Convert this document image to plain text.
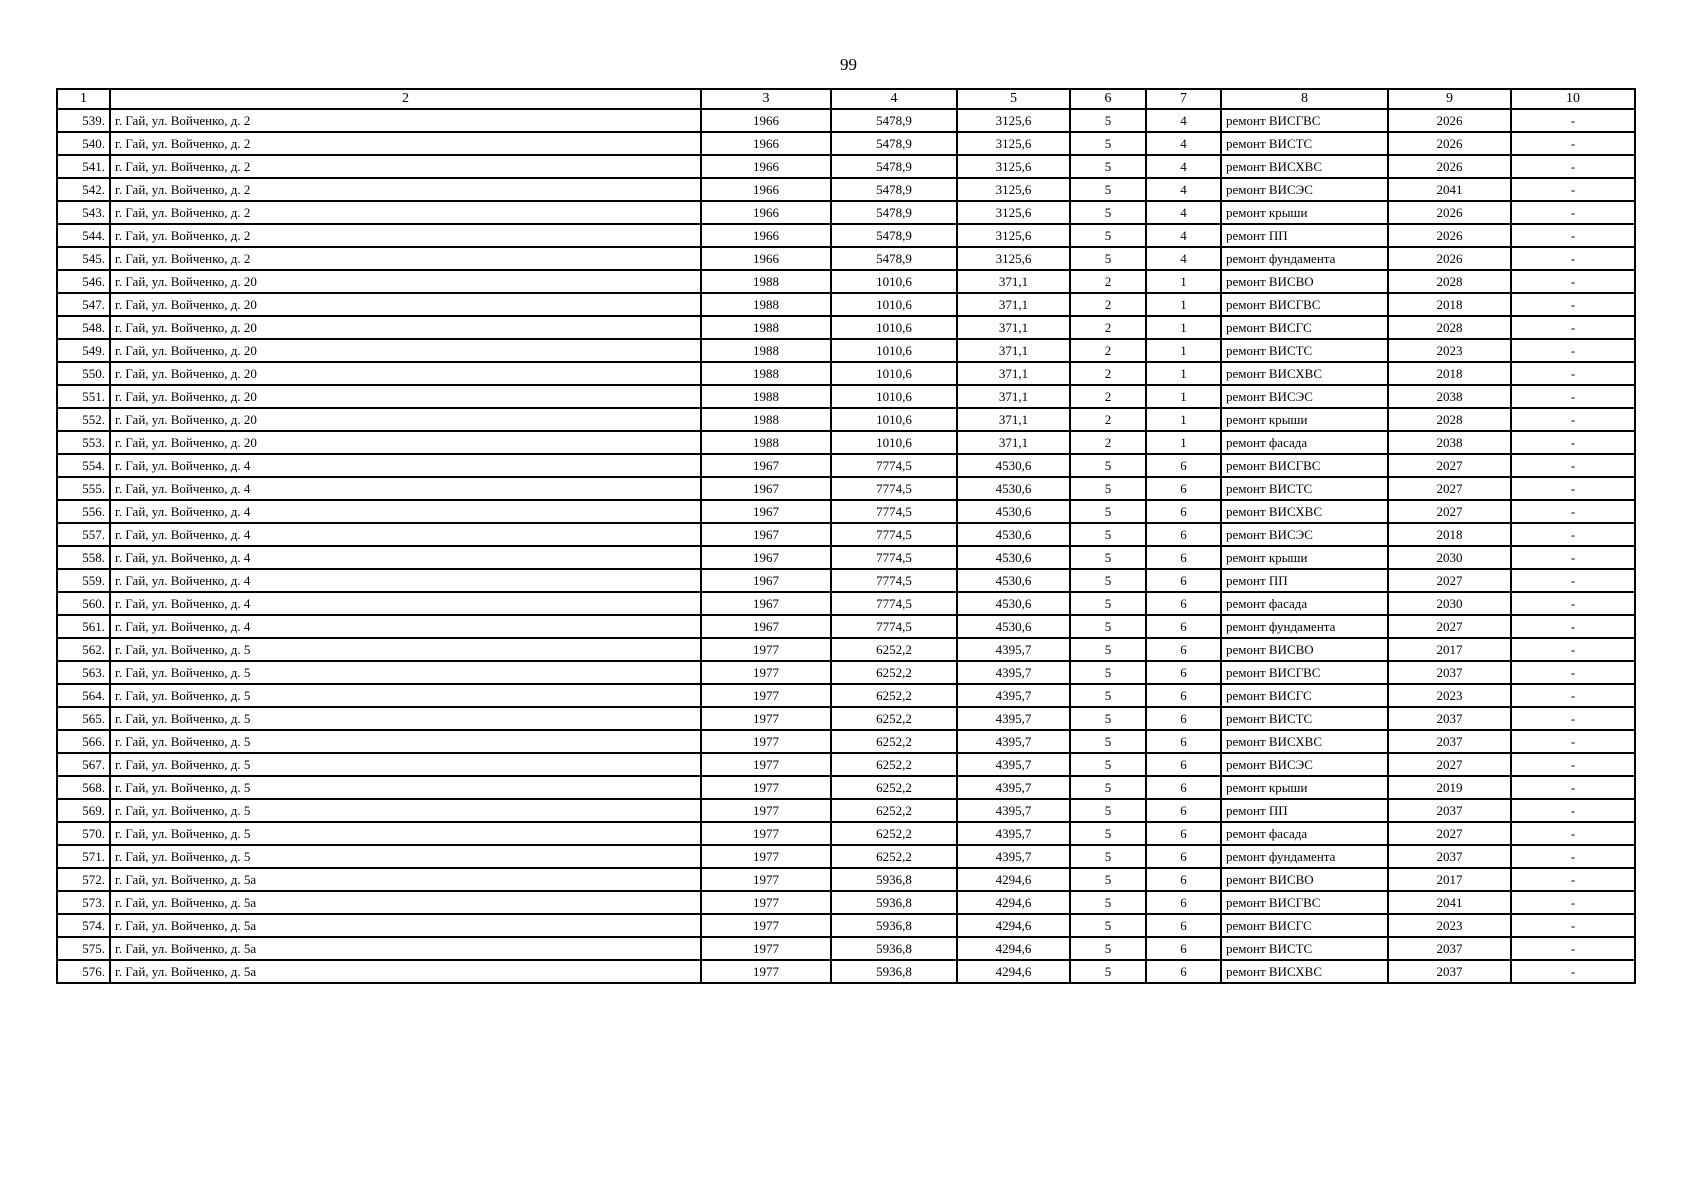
99
1	2	3	4	5	6	7	8	9	10
539.	г. Гай, ул. Войченко, д. 2	1966	5478,9	3125,6	5	4	ремонт ВИСГВС	2026	-
540.	г. Гай, ул. Войченко, д. 2	1966	5478,9	3125,6	5	4	ремонт ВИСТС	2026	-
541.	г. Гай, ул. Войченко, д. 2	1966	5478,9	3125,6	5	4	ремонт ВИСХВС	2026	-
542.	г. Гай, ул. Войченко, д. 2	1966	5478,9	3125,6	5	4	ремонт ВИСЭС	2041	-
543.	г. Гай, ул. Войченко, д. 2	1966	5478,9	3125,6	5	4	ремонт крыши	2026	-
544.	г. Гай, ул. Войченко, д. 2	1966	5478,9	3125,6	5	4	ремонт ПП	2026	-
545.	г. Гай, ул. Войченко, д. 2	1966	5478,9	3125,6	5	4	ремонт фундамента	2026	-
546.	г. Гай, ул. Войченко, д. 20	1988	1010,6	371,1	2	1	ремонт ВИСВО	2028	-
547.	г. Гай, ул. Войченко, д. 20	1988	1010,6	371,1	2	1	ремонт ВИСГВС	2018	-
548.	г. Гай, ул. Войченко, д. 20	1988	1010,6	371,1	2	1	ремонт ВИСГС	2028	-
549.	г. Гай, ул. Войченко, д. 20	1988	1010,6	371,1	2	1	ремонт ВИСТС	2023	-
550.	г. Гай, ул. Войченко, д. 20	1988	1010,6	371,1	2	1	ремонт ВИСХВС	2018	-
551.	г. Гай, ул. Войченко, д. 20	1988	1010,6	371,1	2	1	ремонт ВИСЭС	2038	-
552.	г. Гай, ул. Войченко, д. 20	1988	1010,6	371,1	2	1	ремонт крыши	2028	-
553.	г. Гай, ул. Войченко, д. 20	1988	1010,6	371,1	2	1	ремонт фасада	2038	-
554.	г. Гай, ул. Войченко, д. 4	1967	7774,5	4530,6	5	6	ремонт ВИСГВС	2027	-
555.	г. Гай, ул. Войченко, д. 4	1967	7774,5	4530,6	5	6	ремонт ВИСТС	2027	-
556.	г. Гай, ул. Войченко, д. 4	1967	7774,5	4530,6	5	6	ремонт ВИСХВС	2027	-
557.	г. Гай, ул. Войченко, д. 4	1967	7774,5	4530,6	5	6	ремонт ВИСЭС	2018	-
558.	г. Гай, ул. Войченко, д. 4	1967	7774,5	4530,6	5	6	ремонт крыши	2030	-
559.	г. Гай, ул. Войченко, д. 4	1967	7774,5	4530,6	5	6	ремонт ПП	2027	-
560.	г. Гай, ул. Войченко, д. 4	1967	7774,5	4530,6	5	6	ремонт фасада	2030	-
561.	г. Гай, ул. Войченко, д. 4	1967	7774,5	4530,6	5	6	ремонт фундамента	2027	-
562.	г. Гай, ул. Войченко, д. 5	1977	6252,2	4395,7	5	6	ремонт ВИСВО	2017	-
563.	г. Гай, ул. Войченко, д. 5	1977	6252,2	4395,7	5	6	ремонт ВИСГВС	2037	-
564.	г. Гай, ул. Войченко, д. 5	1977	6252,2	4395,7	5	6	ремонт ВИСГС	2023	-
565.	г. Гай, ул. Войченко, д. 5	1977	6252,2	4395,7	5	6	ремонт ВИСТС	2037	-
566.	г. Гай, ул. Войченко, д. 5	1977	6252,2	4395,7	5	6	ремонт ВИСХВС	2037	-
567.	г. Гай, ул. Войченко, д. 5	1977	6252,2	4395,7	5	6	ремонт ВИСЭС	2027	-
568.	г. Гай, ул. Войченко, д. 5	1977	6252,2	4395,7	5	6	ремонт крыши	2019	-
569.	г. Гай, ул. Войченко, д. 5	1977	6252,2	4395,7	5	6	ремонт ПП	2037	-
570.	г. Гай, ул. Войченко, д. 5	1977	6252,2	4395,7	5	6	ремонт фасада	2027	-
571.	г. Гай, ул. Войченко, д. 5	1977	6252,2	4395,7	5	6	ремонт фундамента	2037	-
572.	г. Гай, ул. Войченко, д. 5а	1977	5936,8	4294,6	5	6	ремонт ВИСВО	2017	-
573.	г. Гай, ул. Войченко, д. 5а	1977	5936,8	4294,6	5	6	ремонт ВИСГВС	2041	-
574.	г. Гай, ул. Войченко, д. 5а	1977	5936,8	4294,6	5	6	ремонт ВИСГС	2023	-
575.	г. Гай, ул. Войченко, д. 5а	1977	5936,8	4294,6	5	6	ремонт ВИСТС	2037	-
576.	г. Гай, ул. Войченко, д. 5а	1977	5936,8	4294,6	5	6	ремонт ВИСХВС	2037	-
